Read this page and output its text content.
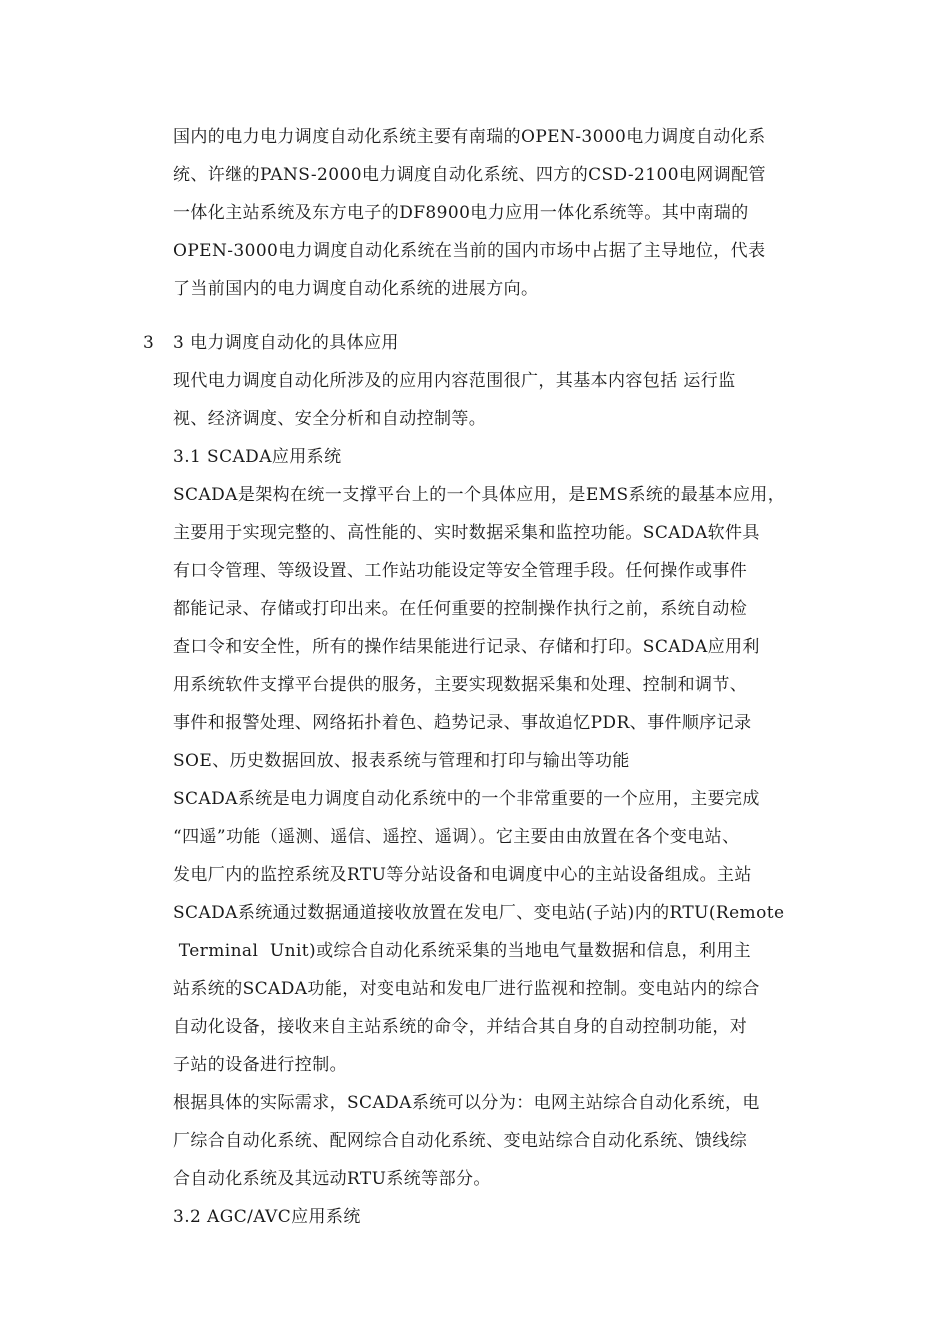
国内的电力电力调度自动化系统主要有南瑞的OPEN-3000电力调度自动化系
统、许继的PANS-2000电力调度自动化系统、四方的CSD-2100电网调配管
一体化主站系统及东方电子的DF8900电力应用一体化系统等。其中南瑞的
OPEN-3000电力调度自动化系统在当前的国内市场中占据了主导地位，代表
了当前国内的电力调度自动化系统的进展方向。
3 3 电力调度自动化的具体应用
现代电力调度自动化所涉及的应用内容范围很广，其基本内容包括 运行监
视、经济调度、安全分析和自动控制等。
3.1 SCADA应用系统
SCADA是架构在统一支撑平台上的一个具体应用，是EMS系统的最基本应用，
主要用于实现完整的、高性能的、实时数据采集和监控功能。SCADA软件具
有口令管理、等级设置、工作站功能设定等安全管理手段。任何操作或事件
都能记录、存储或打印出来。在任何重要的控制操作执行之前，系统自动检
查口令和安全性，所有的操作结果能进行记录、存储和打印。SCADA应用利
用系统软件支撑平台提供的服务，主要实现数据采集和处理、控制和调节、
事件和报警处理、网络拓扑着色、趋势记录、事故追忆PDR、事件顺序记录
SOE、历史数据回放、报表系统与管理和打印与输出等功能
SCADA系统是电力调度自动化系统中的一个非常重要的一个应用，主要完成
“四遥”功能（遥测、遥信、遥控、遥调）。它主要由由放置在各个变电站、
发电厂内的监控系统及RTU等分站设备和电调度中心的主站设备组成。主站
SCADA系统通过数据通道接收放置在发电厂、变电站(子站)内的RTU(Remote
Terminal  Unit)或综合自动化系统采集的当地电气量数据和信息，利用主
站系统的SCADA功能，对变电站和发电厂进行监视和控制。变电站内的综合
自动化设备，接收来自主站系统的命令，并结合其自身的自动控制功能，对
子站的设备进行控制。
根据具体的实际需求，SCADA系统可以分为：电网主站综合自动化系统，电
厂综合自动化系统、配网综合自动化系统、变电站综合自动化系统、馈线综
合自动化系统及其远动RTU系统等部分。
3.2 AGC/AVC应用系统
